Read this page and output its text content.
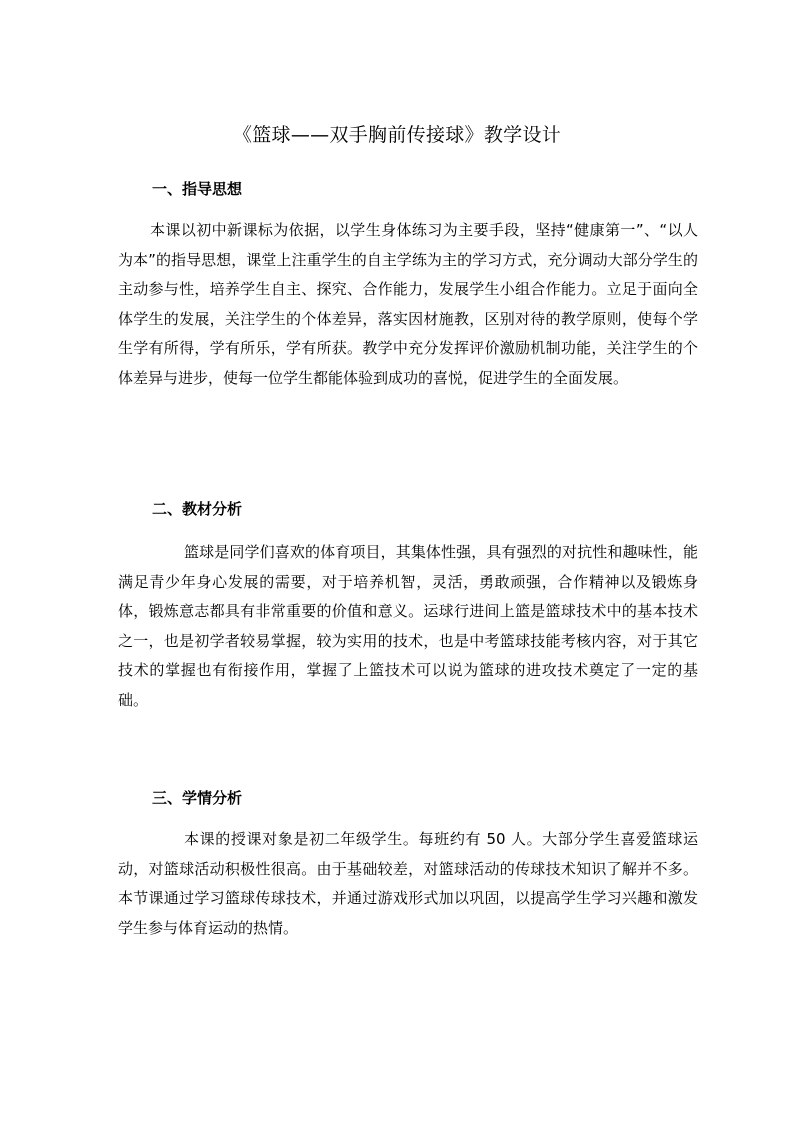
《篮球——双手胸前传接球》教学设计
一、指导思想

本课以初中新课标为依据，以学生身体练习为主要手段，坚持“健康第一”、“以人为本”的指导思想，课堂上注重学生的自主学练为主的学习方式，充分调动大部分学生的主动参与性，培养学生自主、探究、合作能力，发展学生小组合作能力。立足于面向全体学生的发展，关注学生的个体差异，落实因材施教，区别对待的教学原则，使每个学生学有所得，学有所乐，学有所获。教学中充分发挥评价激励机制功能，关注学生的个体差异与进步，使每一位学生都能体验到成功的喜悦，促进学生的全面发展。

二、教材分析

篮球是同学们喜欢的体育项目，其集体性强，具有强烈的对抗性和趣味性，能满足青少年身心发展的需要，对于培养机智，灵活，勇敢顽强，合作精神以及锻炼身体，锻炼意志都具有非常重要的价值和意义。运球行进间上篮是篮球技术中的基本技术之一，也是初学者较易掌握，较为实用的技术，也是中考篮球技能考核内容，对于其它技术的掌握也有衔接作用，掌握了上篮技术可以说为篮球的进攻技术奠定了一定的基础。

三、学情分析

本课的授课对象是初二年级学生。每班约有 50 人。大部分学生喜爱篮球运动，对篮球活动积极性很高。由于基础较差，对篮球活动的传球技术知识了解并不多。本节课通过学习篮球传球技术，并通过游戏形式加以巩固，以提高学生学习兴趣和激发学生参与体育运动的热情。
